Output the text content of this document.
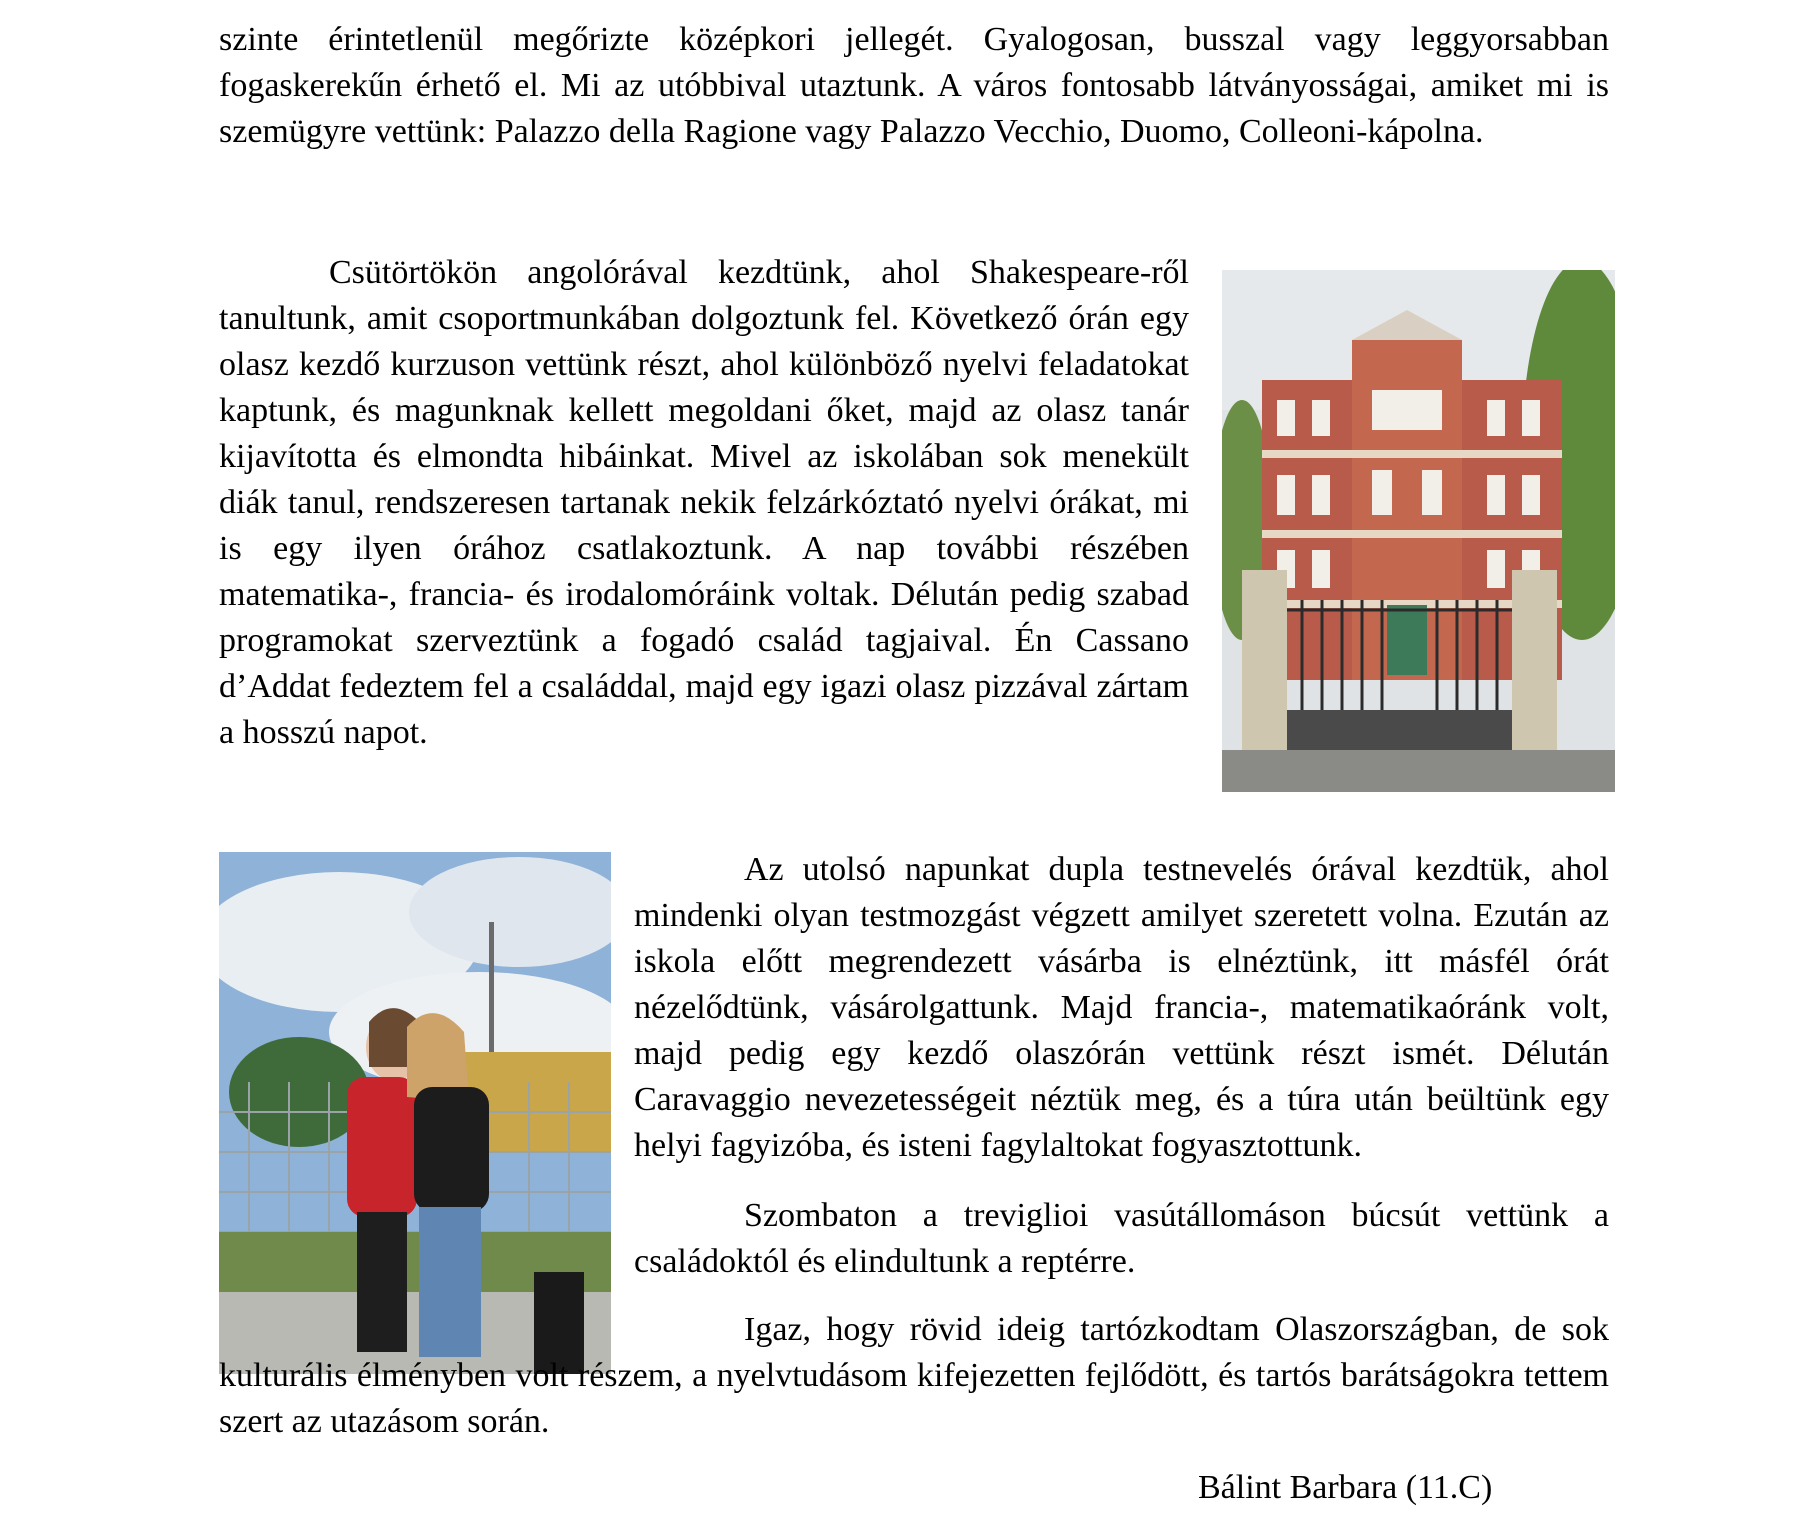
szinte érintetlenül megőrizte középkori jellegét. Gyalogosan, busszal vagy leggyorsabban fogaskerekűn érhető el. Mi az utóbbival utaztunk. A város fontosabb látványosságai, amiket mi is szemügyre vettünk: Palazzo della Ragione vagy Palazzo Vecchio, Duomo, Colleoni-kápolna.

Csütörtökön angolórával kezdtünk, ahol Shakespeare-ről tanultunk, amit csoportmunkában dolgoztunk fel. Következő órán egy olasz kezdő kurzuson vettünk részt, ahol különböző nyelvi feladatokat kaptunk, és magunknak kellett megoldani őket, majd az olasz tanár kijavította és elmondta hibáinkat. Mivel az iskolában sok menekült diák tanul, rendszeresen tartanak nekik felzárkóztató nyelvi órákat, mi is egy ilyen órához csatlakoztunk. A nap további részében matematika-, francia- és irodalomóráink voltak. Délután pedig szabad programokat szerveztünk a fogadó család tagjaival. Én Cassano d’Addat fedeztem fel a családdal, majd egy igazi olasz pizzával zártam a hosszú napot.

Az utolsó napunkat dupla testnevelés órával kezdtük, ahol mindenki olyan testmozgást végzett amilyet szeretett volna. Ezután az iskola előtt megrendezett vásárba is elnéztünk, itt másfél órát nézelődtünk, vásárolgattunk. Majd francia-, matematikaóránk volt, majd pedig egy kezdő olaszórán vettünk részt ismét. Délután Caravaggio nevezetességeit néztük meg, és a túra után beültünk egy helyi fagyizóba, és isteni fagylaltokat fogyasztottunk.

Szombaton a treviglioi vasútállomáson búcsút vettünk a családoktól és elindultunk a reptérre.

Igaz, hogy rövid ideig tartózkodtam Olaszországban, de sok kulturális élményben volt részem, a nyelvtudásom kifejezetten fejlődött, és tartós barátságokra tettem szert az utazásom során.

Bálint Barbara (11.C)
